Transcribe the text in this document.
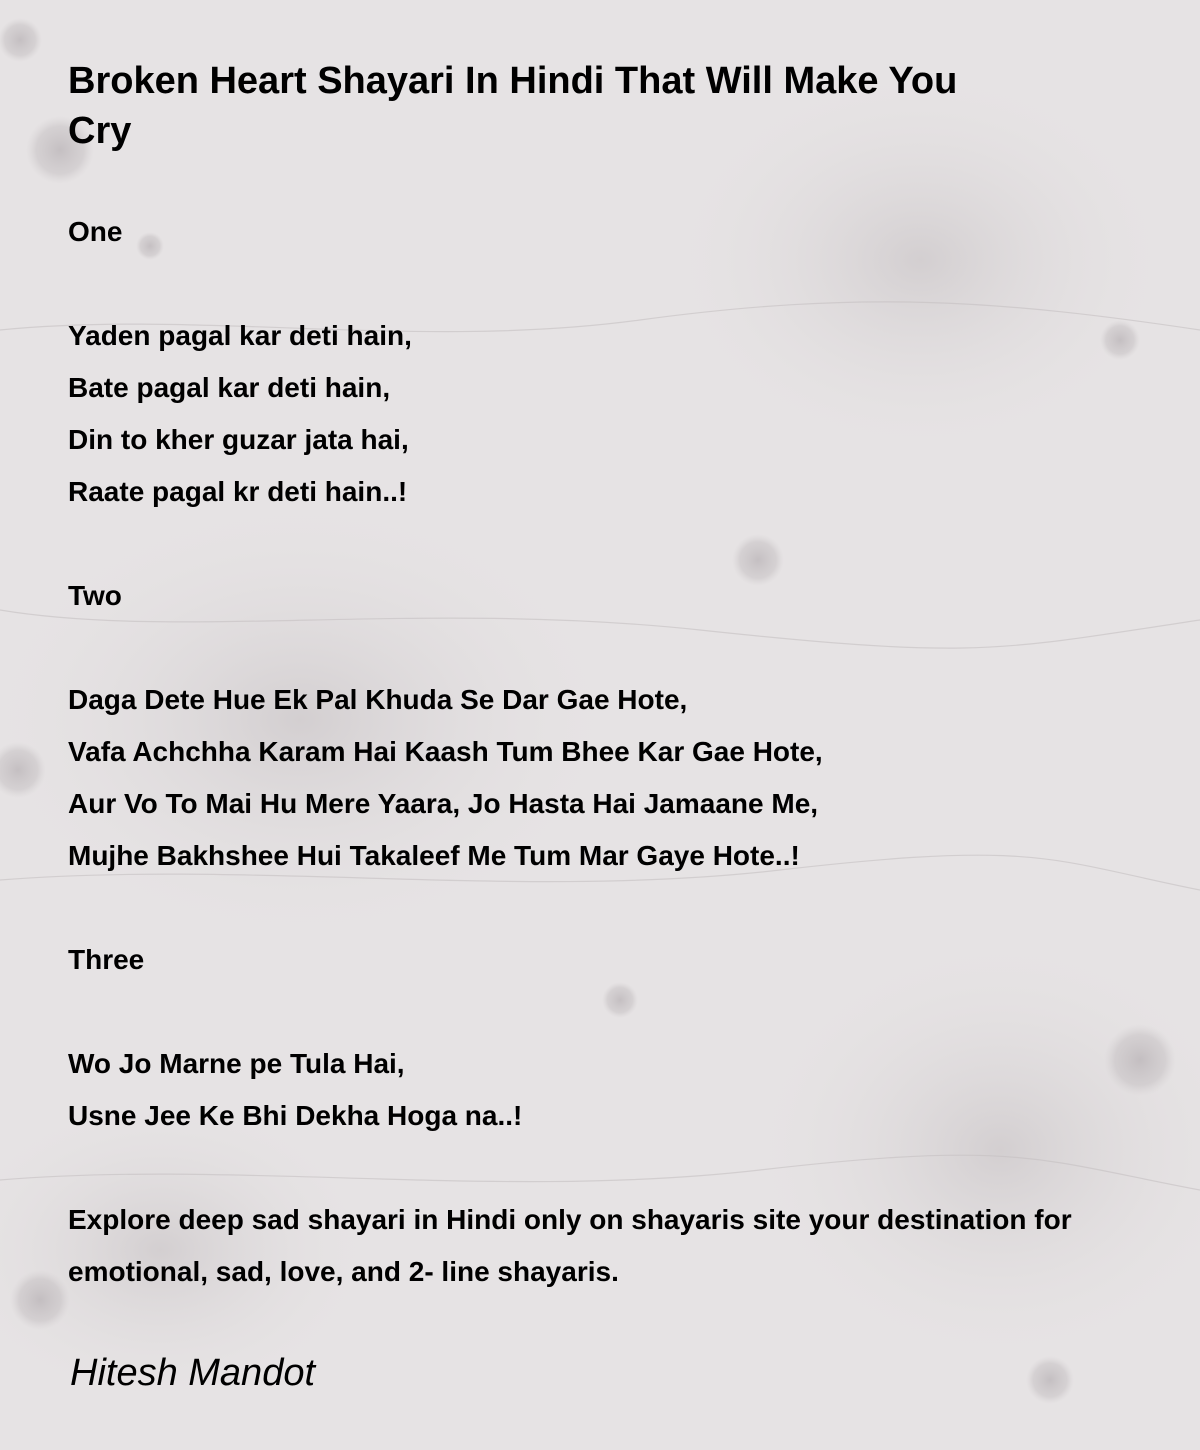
Broken Heart Shayari In Hindi That Will Make You Cry
One
Yaden pagal kar deti hain,
Bate pagal kar deti hain,
Din to kher guzar jata hai,
Raate pagal kr deti hain..!
Two
Daga Dete Hue Ek Pal Khuda Se Dar Gae Hote,
Vafa Achchha Karam Hai Kaash Tum Bhee Kar Gae Hote,
Aur Vo To Mai Hu Mere Yaara, Jo Hasta Hai Jamaane Me,
Mujhe Bakhshee Hui Takaleef Me Tum Mar Gaye Hote..!
Three
Wo Jo Marne pe Tula Hai,
Usne Jee Ke Bhi Dekha Hoga na..!
Explore deep sad shayari in Hindi only on shayaris site your destination for emotional, sad, love, and 2- line shayaris.
Hitesh Mandot
